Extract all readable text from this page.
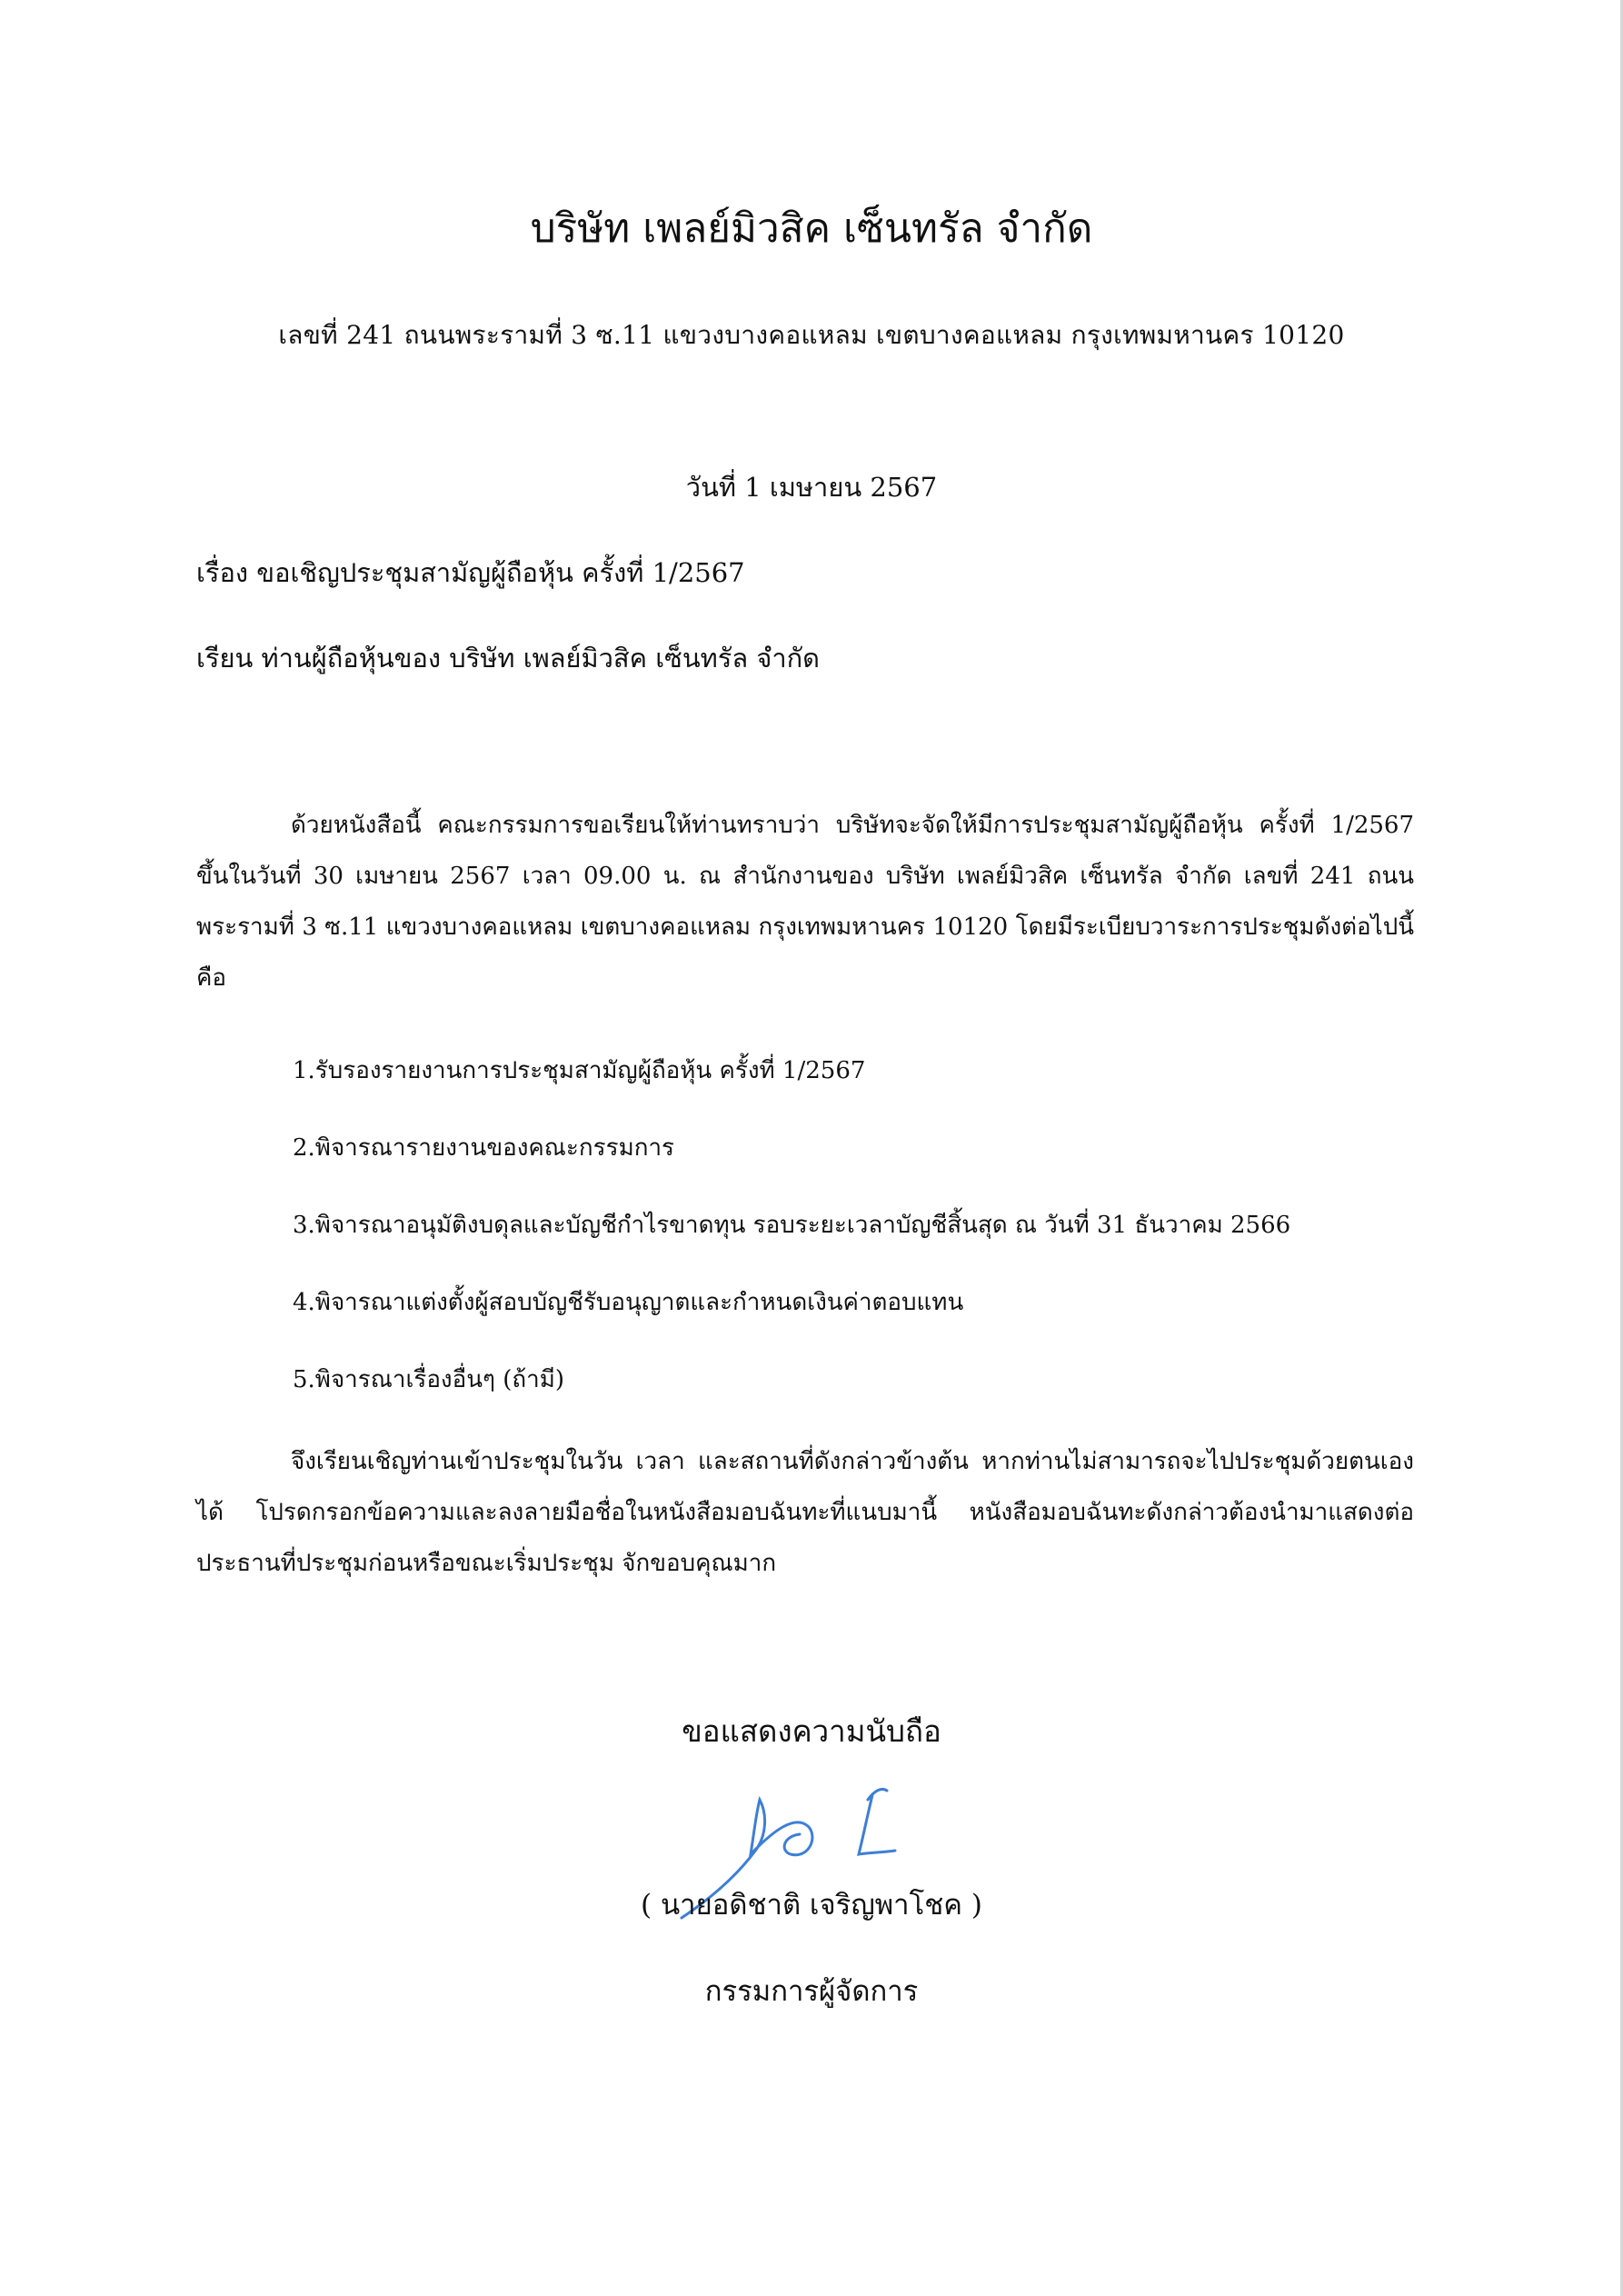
บริษัท เพลย์มิวสิค เซ็นทรัล จำกัด
เลขที่ 241 ถนนพระรามที่ 3 ซ.11 แขวงบางคอแหลม เขตบางคอแหลม กรุงเทพมหานคร 10120
วันที่ 1 เมษายน 2567
เรื่อง ขอเชิญประชุมสามัญผู้ถือหุ้น ครั้งที่ 1/2567
เรียน ท่านผู้ถือหุ้นของ บริษัท เพลย์มิวสิค เซ็นทรัล จำกัด
ด้วยหนังสือนี้ คณะกรรมการขอเรียนให้ท่านทราบว่า บริษัทจะจัดให้มีการประชุมสามัญผู้ถือหุ้น ครั้งที่ 1/2567 ขึ้นในวันที่ 30 เมษายน 2567 เวลา 09.00 น. ณ สำนักงานของ บริษัท เพลย์มิวสิค เซ็นทรัล จำกัด เลขที่ 241 ถนน พระรามที่ 3 ซ.11 แขวงบางคอแหลม เขตบางคอแหลม กรุงเทพมหานคร 10120 โดยมีระเบียบวาระการประชุมดังต่อไปนี้ คือ
1.รับรองรายงานการประชุมสามัญผู้ถือหุ้น ครั้งที่ 1/2567
2.พิจารณารายงานของคณะกรรมการ
3.พิจารณาอนุมัติงบดุลและบัญชีกำไรขาดทุน รอบระยะเวลาบัญชีสิ้นสุด ณ วันที่ 31 ธันวาคม 2566
4.พิจารณาแต่งตั้งผู้สอบบัญชีรับอนุญาตและกำหนดเงินค่าตอบแทน
5.พิจารณาเรื่องอื่นๆ (ถ้ามี)
จึงเรียนเชิญท่านเข้าประชุมในวัน เวลา และสถานที่ดังกล่าวข้างต้น หากท่านไม่สามารถจะไปประชุมด้วยตนเอง ได้ โปรดกรอกข้อความและลงลายมือชื่อในหนังสือมอบฉันทะที่แนบมานี้ หนังสือมอบฉันทะดังกล่าวต้องนำมาแสดงต่อ ประธานที่ประชุมก่อนหรือขณะเริ่มประชุม จักขอบคุณมาก
ขอแสดงความนับถือ
( นายอดิชาติ เจริญพาโชค )
กรรมการผู้จัดการ
